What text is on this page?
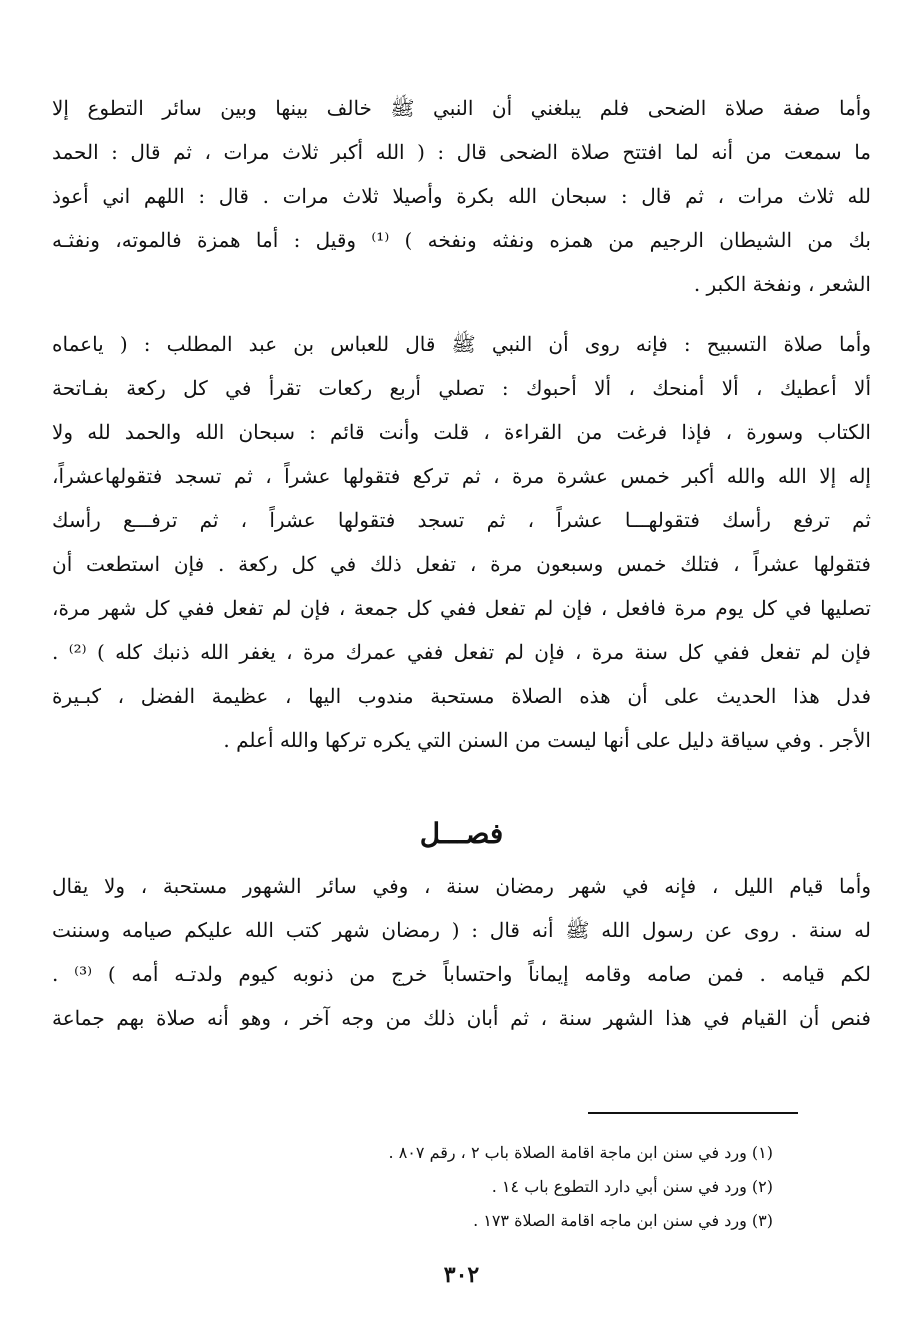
وأما صفة صلاة الضحى فلم يبلغني أن النبي ﷺ خالف بينها وبين سائر التطوع إلا
ما سمعت من أنه لما افتتح صلاة الضحى قال : ( الله أكبر ثلاث مرات ، ثم قال : الحمد
لله ثلاث مرات ، ثم قال : سبحان الله بكرة وأصيلا ثلاث مرات . قال : اللهم اني أعوذ
بك من الشيطان الرجيم من همزه ونفثه ونفخه ) ⁽¹⁾ وقيل : أما همزة فالموته، ونفثـه
الشعر ، ونفخة الكبر .
وأما صلاة التسبيح : فإنه روى أن النبي ﷺ قال للعباس بن عبد المطلب : ( ياعماه
ألا أعطيك ، ألا أمنحك ، ألا أحبوك : تصلي أربع ركعات تقرأ في كل ركعة بفـاتحة
الكتاب وسورة ، فإذا فرغت من القراءة ، قلت وأنت قائم : سبحان الله والحمد لله ولا
إله إلا الله والله أكبر خمس عشرة مرة ، ثم تركع فتقولها عشراً ، ثم تسجد فتقولهاعشراً،
ثم ترفع رأسك فتقولهـــا عشراً ، ثم تسجد فتقولها عشراً ، ثم ترفـــع رأسك
فتقولها عشراً ، فتلك خمس وسبعون مرة ، تفعل ذلك في كل ركعة . فإن استطعت أن
تصليها في كل يوم مرة فافعل ، فإن لم تفعل ففي كل جمعة ، فإن لم تفعل ففي كل شهر مرة،
فإن لم تفعل ففي كل سنة مرة ، فإن لم تفعل ففي عمرك مرة ، يغفر الله ذنبك كله ) ⁽²⁾ .
فدل هذا الحديث على أن هذه الصلاة مستحبة مندوب اليها ، عظيمة الفضل ، كبـيرة
الأجر . وفي سياقة دليل على أنها ليست من السنن التي يكره تركها والله أعلم .
فصـــل
وأما قيام الليل ، فإنه في شهر رمضان سنة ، وفي سائر الشهور مستحبة ، ولا يقال
له سنة . روى عن رسول الله ﷺ أنه قال : ( رمضان شهر كتب الله عليكم صيامه وسننت
لكم قيامه . فمن صامه وقامه إيماناً واحتساباً خرج من ذنوبه كيوم ولدتـه أمه ) ⁽³⁾ .
فنص أن القيام في هذا الشهر سنة ، ثم أبان ذلك من وجه آخر ، وهو أنه صلاة بهم جماعة
(١) ورد في سنن ابن ماجة اقامة الصلاة باب ٢ ، رقم ٨٠٧ .
(٢) ورد في سنن أبي دارد التطوع باب ١٤ .
(٣) ورد في سنن ابن ماجه اقامة الصلاة ١٧٣ .
٣٠٢
